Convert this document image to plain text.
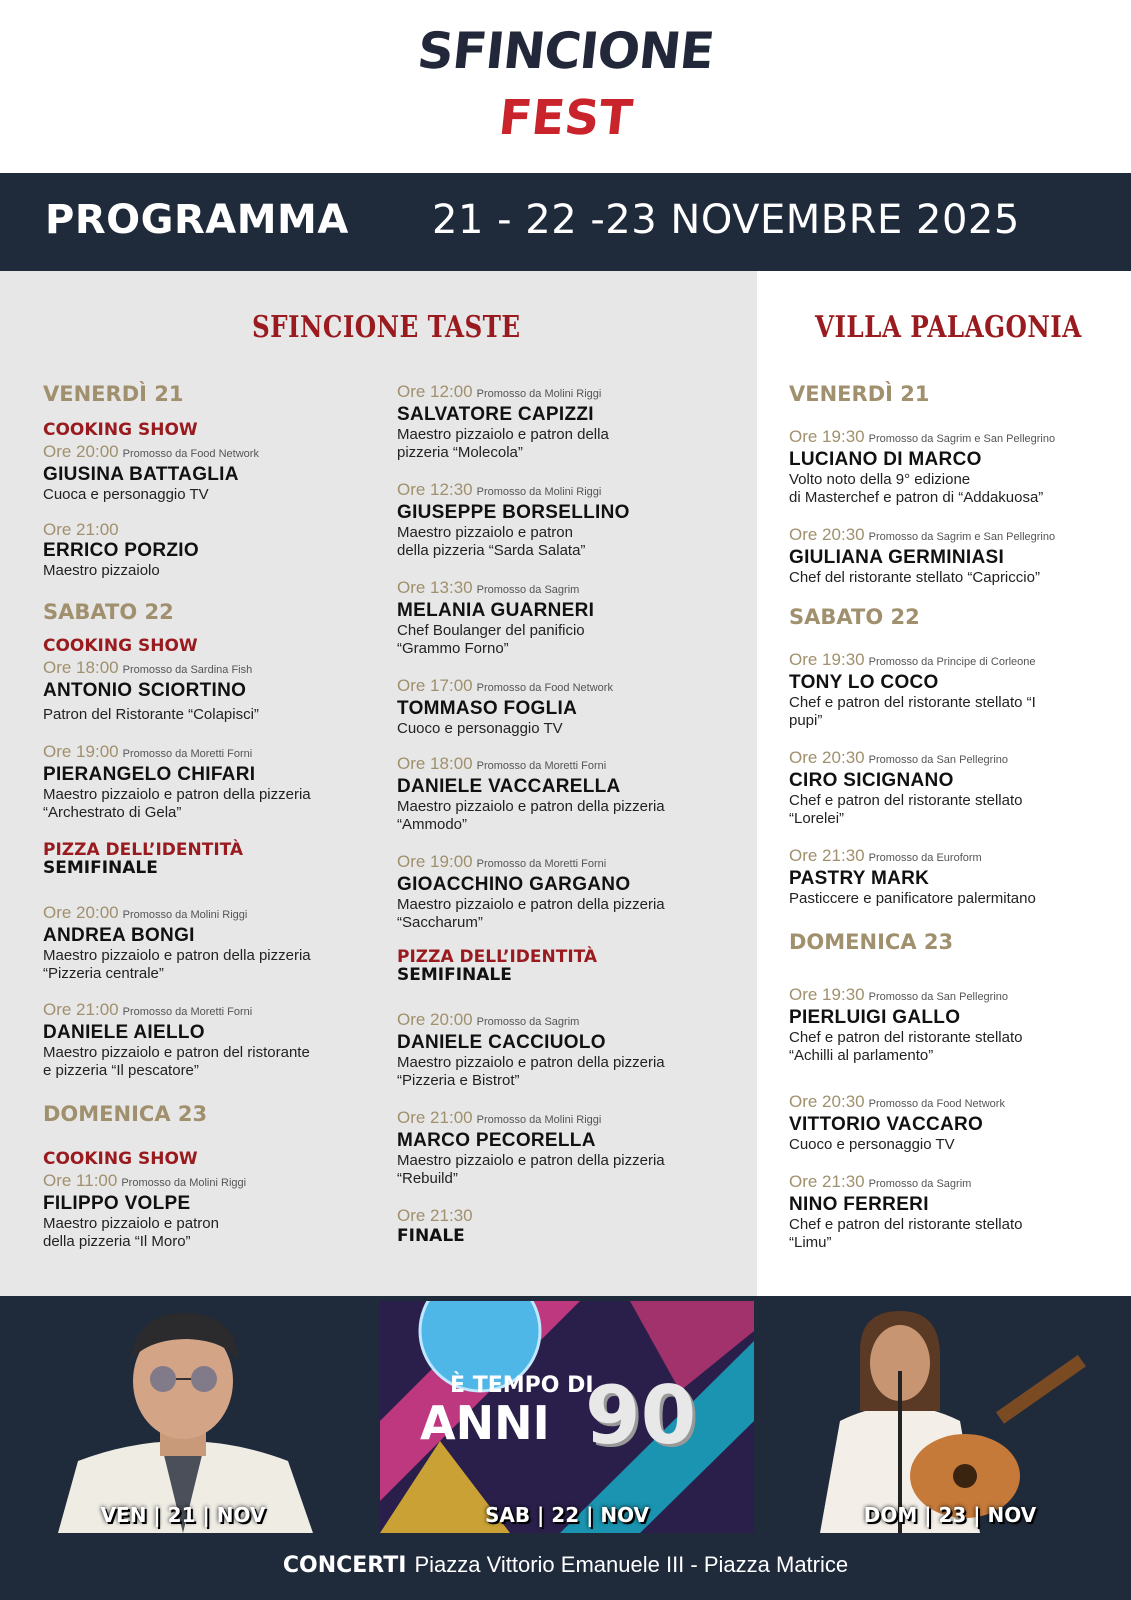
SFINCIONE
FEST
PROGRAMMA 21 - 22 -23 NOVEMBRE 2025
SFINCIONE TASTE	VILLA PALAGONIA
VENERDÌ 21
COOKING SHOW
Ore 20:00 Promosso da Food Network
GIUSINA BATTAGLIA
Cuoca e personaggio TV
Ore 21:00
ERRICO PORZIO
Maestro pizzaiolo
SABATO 22
COOKING SHOW
Ore 18:00 Promosso da Sardina Fish
ANTONIO SCIORTINO
Patron del Ristorante “Colapisci”
Ore 19:00 Promosso da Moretti Forni
PIERANGELO CHIFARI
Maestro pizzaiolo e patron della pizzeria
“Archestrato di Gela”
PIZZA DELL’IDENTITÀ
SEMIFINALE
Ore 20:00 Promosso da Molini Riggi
ANDREA BONGI
Maestro pizzaiolo e patron della pizzeria
“Pizzeria centrale”
Ore 21:00 Promosso da Moretti Forni
DANIELE AIELLO
Maestro pizzaiolo e patron del ristorante
e pizzeria “Il pescatore”
DOMENICA 23
COOKING SHOW
Ore 11:00 Promosso da Molini Riggi
FILIPPO VOLPE
Maestro pizzaiolo e patron
della pizzeria “Il Moro”
Ore 12:00 Promosso da Molini Riggi
SALVATORE CAPIZZI
Maestro pizzaiolo e patron della
pizzeria “Molecola”
Ore 12:30 Promosso da Molini Riggi
GIUSEPPE BORSELLINO
Maestro pizzaiolo e patron
della pizzeria “Sarda Salata”
Ore 13:30 Promosso da Sagrim
MELANIA GUARNERI
Chef Boulanger del panificio
“Grammo Forno”
Ore 17:00 Promosso da Food Network
TOMMASO FOGLIA
Cuoco e personaggio TV
Ore 18:00 Promosso da Moretti Forni
DANIELE VACCARELLA
Maestro pizzaiolo e patron della pizzeria
“Ammodo”
Ore 19:00 Promosso da Moretti Forni
GIOACCHINO GARGANO
Maestro pizzaiolo e patron della pizzeria
“Saccharum”
PIZZA DELL’IDENTITÀ
SEMIFINALE
Ore 20:00 Promosso da Sagrim
DANIELE CACCIUOLO
Maestro pizzaiolo e patron della pizzeria
“Pizzeria e Bistrot”
Ore 21:00 Promosso da Molini Riggi
MARCO PECORELLA
Maestro pizzaiolo e patron della pizzeria
“Rebuild”
Ore 21:30
FINALE
VENERDÌ 21
Ore 19:30 Promosso da Sagrim e San Pellegrino
LUCIANO DI MARCO
Volto noto della 9° edizione
di Masterchef e patron di “Addakuosa”
Ore 20:30 Promosso da Sagrim e San Pellegrino
GIULIANA GERMINIASI
Chef del ristorante stellato “Capriccio”
SABATO 22
Ore 19:30 Promosso da Principe di Corleone
TONY LO COCO
Chef e patron del ristorante stellato “I
pupi”
Ore 20:30 Promosso da San Pellegrino
CIRO SICIGNANO
Chef e patron del ristorante stellato
“Lorelei”
Ore 21:30 Promosso da Euroform
PASTRY MARK
Pasticcere e panificatore palermitano
DOMENICA 23
Ore 19:30 Promosso da San Pellegrino
PIERLUIGI GALLO
Chef e patron del ristorante stellato
“Achilli al parlamento”
Ore 20:30 Promosso da Food Network
VITTORIO VACCARO
Cuoco e personaggio TV
Ore 21:30 Promosso da Sagrim
NINO FERRERI
Chef e patron del ristorante stellato
“Limu”
VEN | 21 | NOV
È TEMPO DI
ANNI 90
SAB | 22 | NOV	DOM | 23 | NOV
CONCERTI Piazza Vittorio Emanuele III - Piazza Matrice
